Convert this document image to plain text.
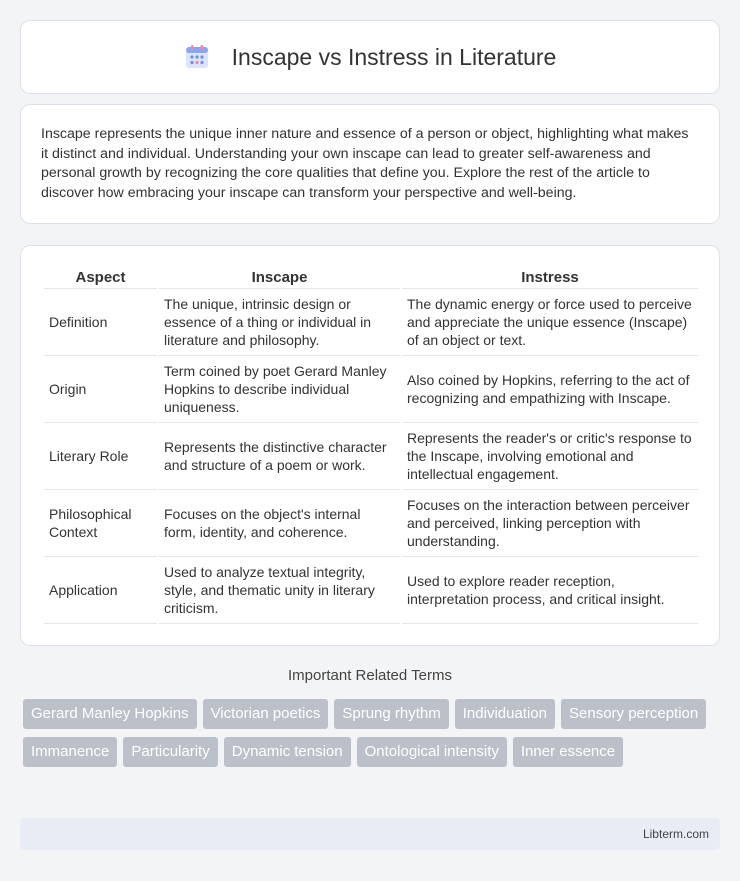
Inscape vs Instress in Literature

Inscape represents the unique inner nature and essence of a person or object, highlighting what makes it distinct and individual. Understanding your own inscape can lead to greater self-awareness and personal growth by recognizing the core qualities that define you. Explore the rest of the article to discover how embracing your inscape can transform your perspective and well-being.

Aspect	Inscape	Instress
Definition	The unique, intrinsic design or essence of a thing or individual in literature and philosophy.	The dynamic energy or force used to perceive and appreciate the unique essence (Inscape) of an object or text.
Origin	Term coined by poet Gerard Manley Hopkins to describe individual uniqueness.	Also coined by Hopkins, referring to the act of recognizing and empathizing with Inscape.
Literary Role	Represents the distinctive character and structure of a poem or work.	Represents the reader's or critic's response to the Inscape, involving emotional and intellectual engagement.
Philosophical Context	Focuses on the object's internal form, identity, and coherence.	Focuses on the interaction between perceiver and perceived, linking perception with understanding.
Application	Used to analyze textual integrity, style, and thematic unity in literary criticism.	Used to explore reader reception, interpretation process, and critical insight.
Important Related Terms
Gerard Manley Hopkins	Victorian poetics	Sprung rhythm	Individuation	Sensory perception
Immanence	Particularity	Dynamic tension	Ontological intensity	Inner essence
Libterm.com
